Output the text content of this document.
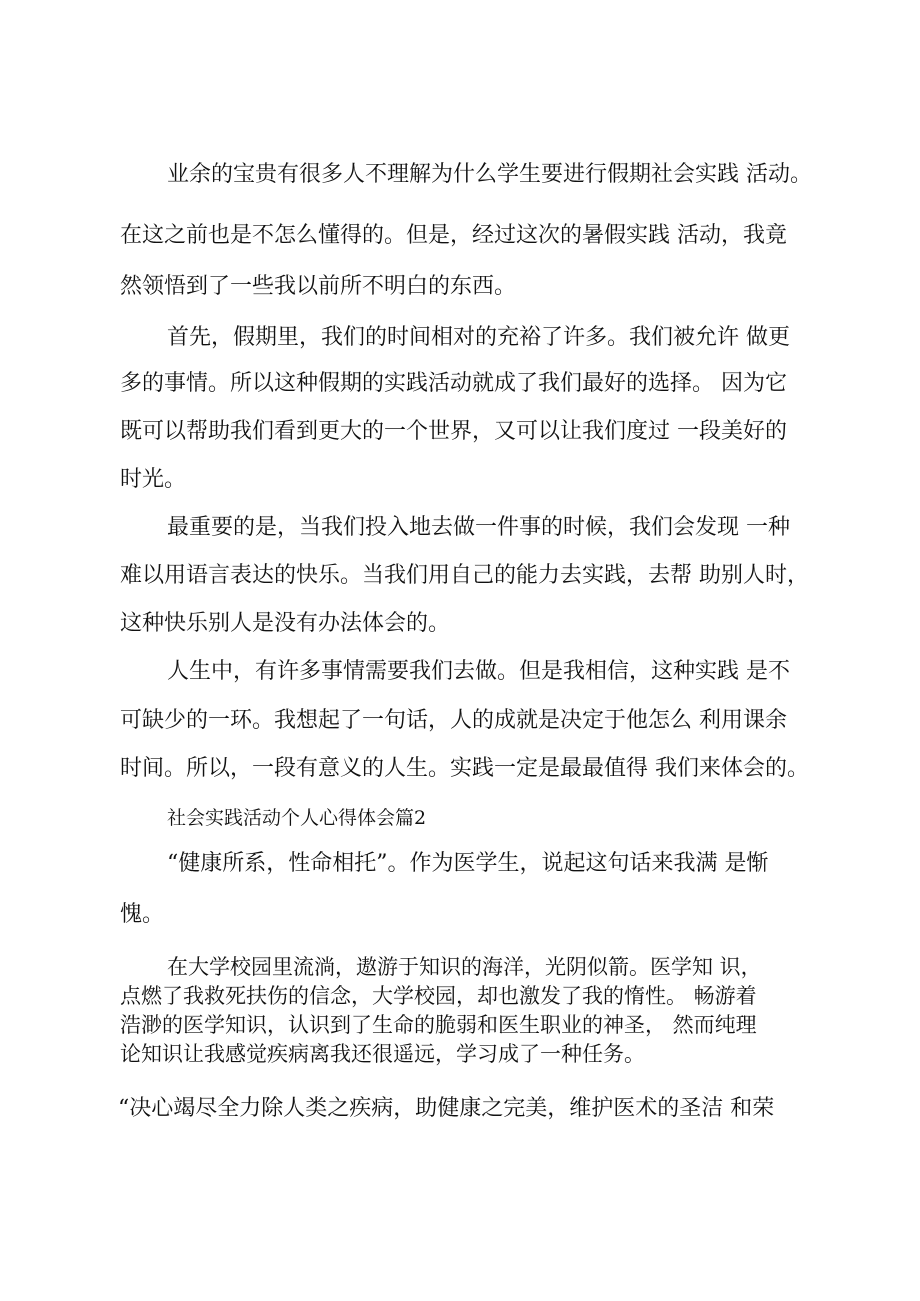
业余的宝贵有很多人不理解为什么学生要进行假期社会实践 活动。
在这之前也是不怎么懂得的。但是，经过这次的暑假实践 活动，我竟
然领悟到了一些我以前所不明白的东西。
首先，假期里，我们的时间相对的充裕了许多。我们被允许 做更
多的事情。所以这种假期的实践活动就成了我们最好的选择。 因为它
既可以帮助我们看到更大的一个世界，又可以让我们度过 一段美好的
时光。
最重要的是，当我们投入地去做一件事的时候，我们会发现 一种
难以用语言表达的快乐。当我们用自己的能力去实践，去帮 助别人时，
这种快乐别人是没有办法体会的。
人生中，有许多事情需要我们去做。但是我相信，这种实践 是不
可缺少的一环。我想起了一句话，人的成就是决定于他怎么 利用课余
时间。所以，一段有意义的人生。实践一定是最最值得 我们来体会的。
社会实践活动个人心得体会篇2
“健康所系，性命相托”。作为医学生，说起这句话来我满 是惭
愧。
在大学校园里流淌，遨游于知识的海洋，光阴似箭。医学知 识，
点燃了我救死扶伤的信念，大学校园，却也激发了我的惰性。 畅游着
浩渺的医学知识，认识到了生命的脆弱和医生职业的神圣， 然而纯理
论知识让我感觉疾病离我还很遥远，学习成了一种任务。
“决心竭尽全力除人类之疾病，助健康之完美，维护医术的圣洁 和荣
